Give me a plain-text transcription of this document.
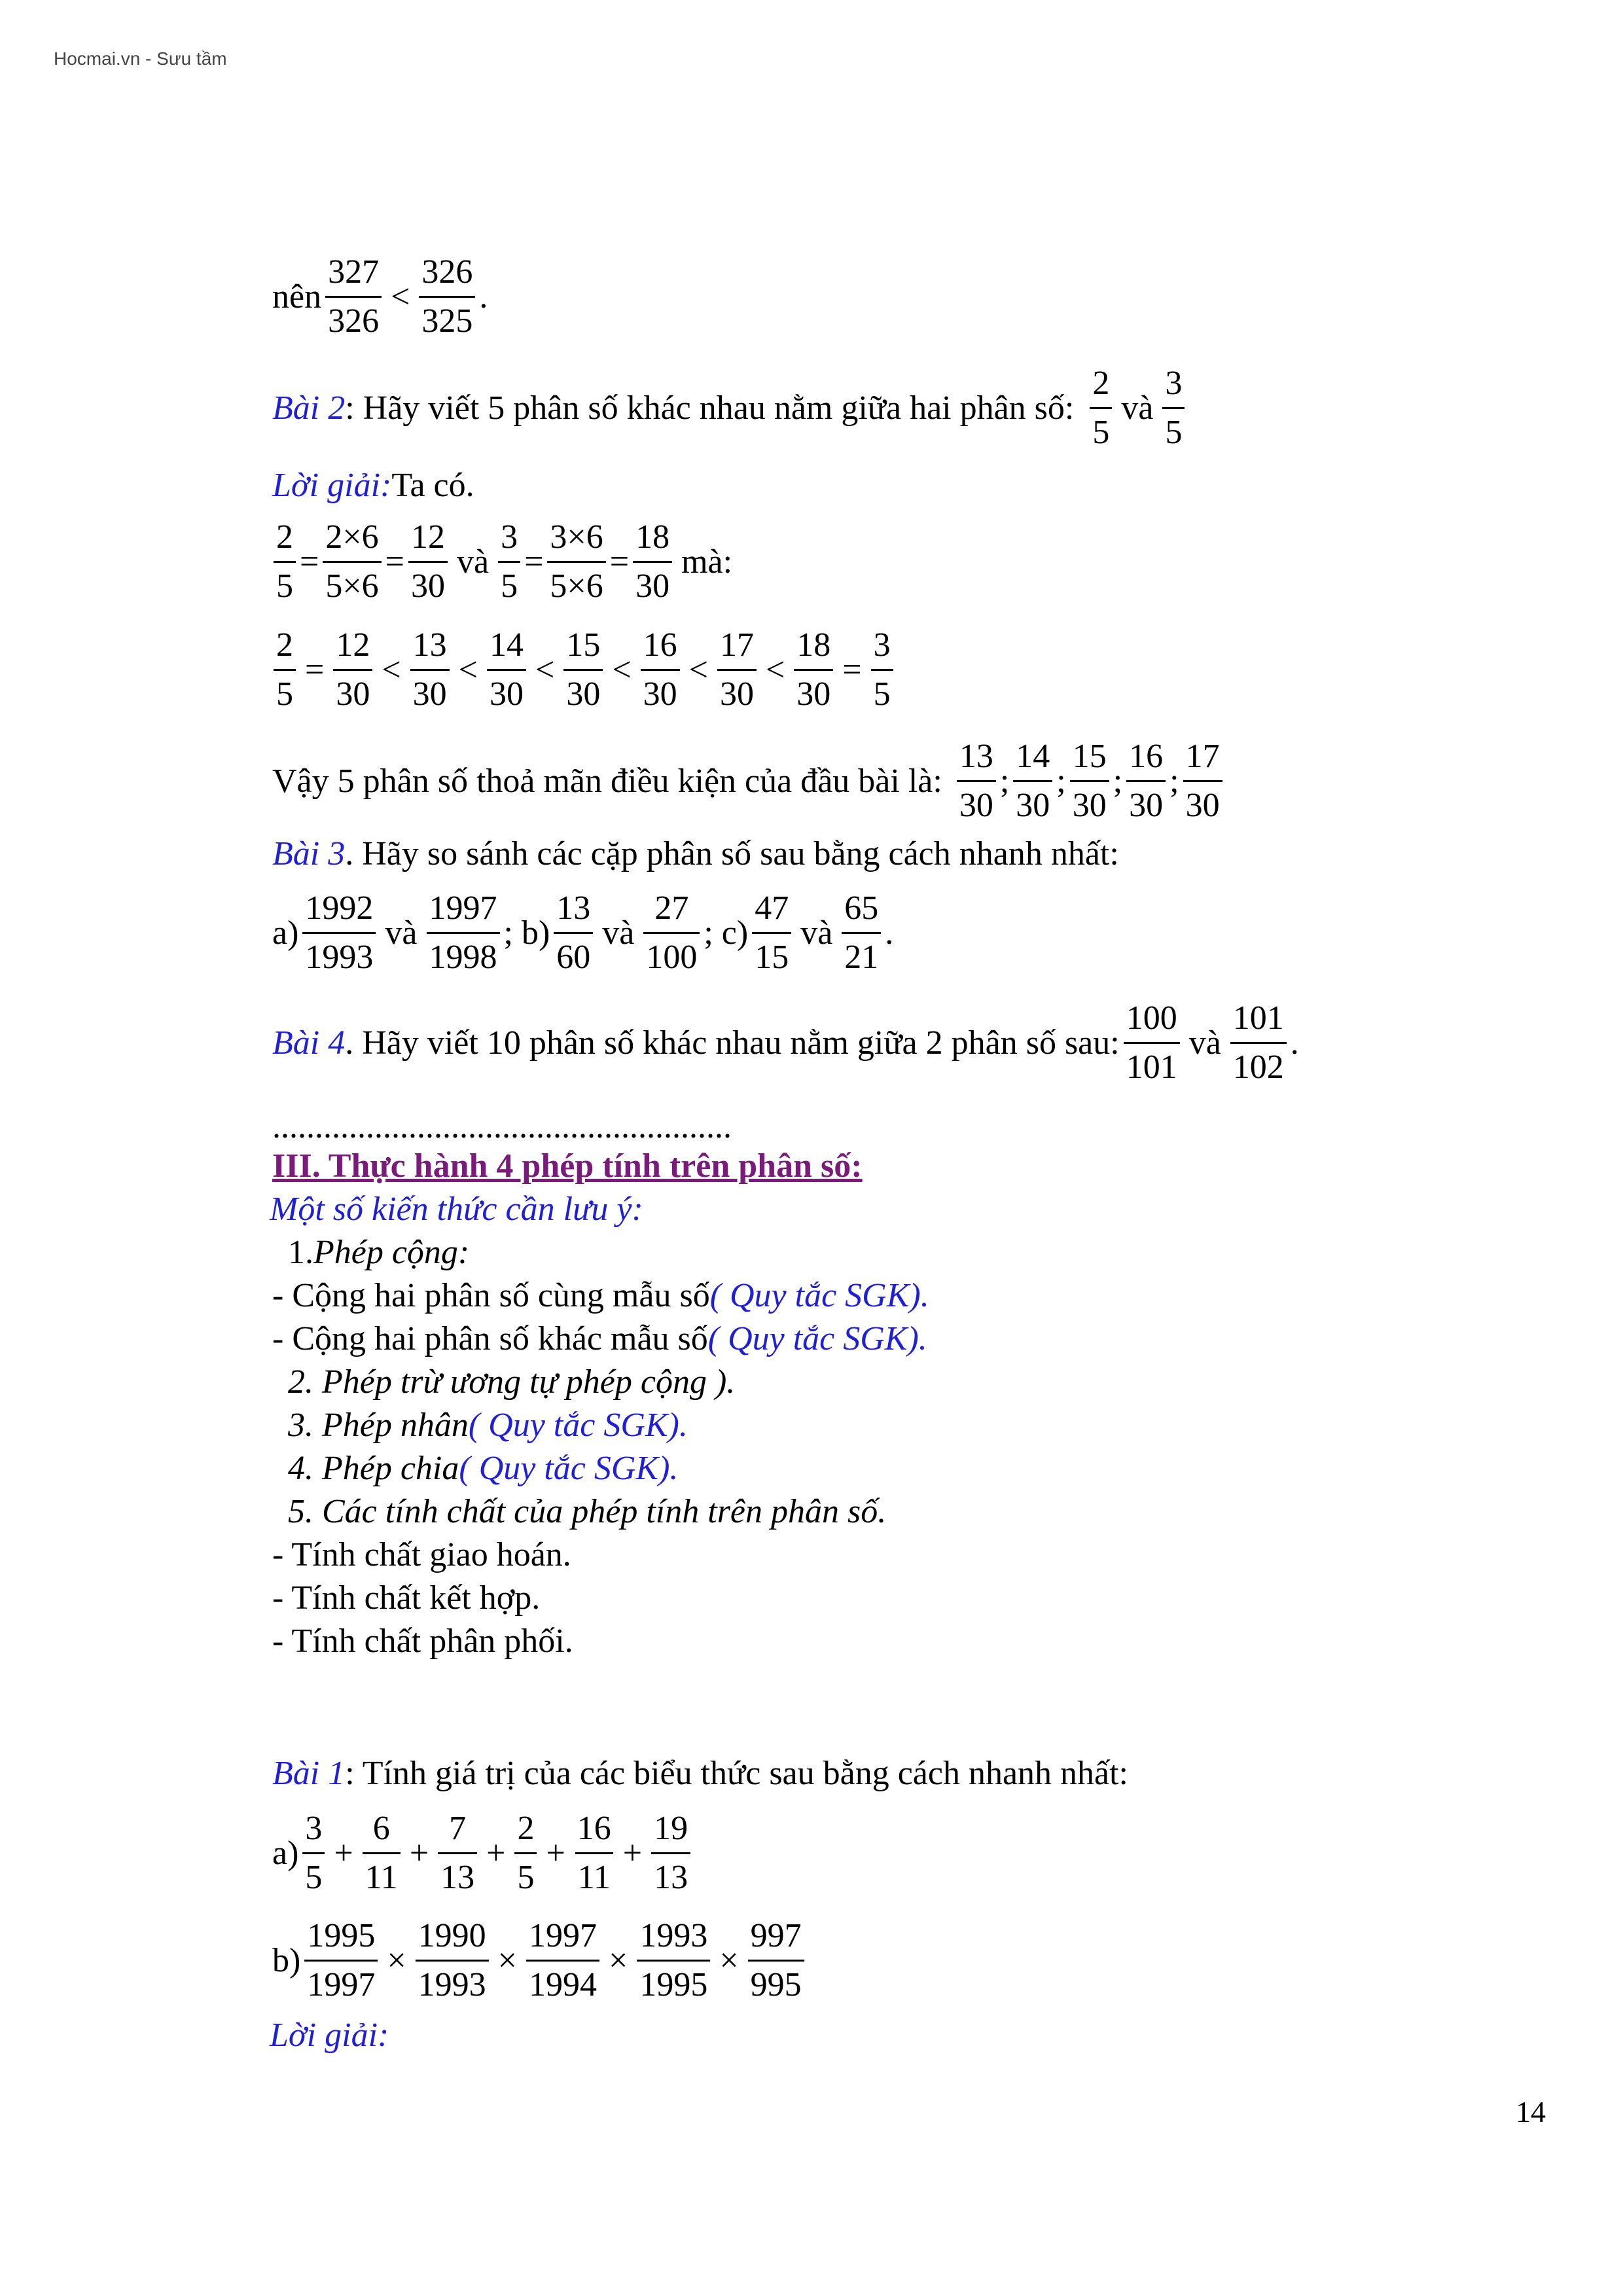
Hocmai.vn - Sưu tầm
nên $\frac{327}{326} < \frac{326}{325}$ .
Bài 2 : Hãy viết 5 phân số khác nhau nằm giữa hai phân số: $\frac{2}{5}$ và $\frac{3}{5}$
Lời giải: Ta có.
$\frac{2}{5} = \frac{2\times 6}{5\times 6} = \frac{12}{30}$ và $\frac{3}{5} = \frac{3\times 6}{5\times 6} = \frac{18}{30}$ mà:
$\frac{2}{5} = \frac{12}{30} < \frac{13}{30} < \frac{14}{30} < \frac{15}{30} < \frac{16}{30} < \frac{17}{30} < \frac{18}{30} = \frac{3}{5}$
Vậy 5 phân số thoả mãn điều kiện của đầu bài là: $\frac{13}{30}$ ; $\frac{14}{30}$ ; $\frac{15}{30}$ ; $\frac{16}{30}$ ; $\frac{17}{30}$
Bài 3 . Hãy so sánh các cặp phân số sau bằng cách nhanh nhất:
$a) \frac{1992}{1993}$ và $\frac{1997}{1998}$ ; $b) \frac{13}{60}$ và $\frac{27}{100}$ ; $c) \frac{47}{15}$ và $\frac{65}{21}$ .
Bài 4 . Hãy viết 10 phân số khác nhau nằm giữa 2 phân số sau: $\frac{100}{101}$ và $\frac{101}{102}$ .
......................................................
III. Thực hành 4 phép tính trên phân số:
Một số kiến thức cần lưu ý:
1. Phép cộng:
- Cộng hai phân số cùng mẫu số ( Quy tắc SGK).
- Cộng hai phân số khác mẫu số ( Quy tắc SGK).
2. Phép trừ ương tự phép cộng ).
3. Phép nhân ( Quy tắc SGK).
4. Phép chia ( Quy tắc SGK).
5. Các tính chất của phép tính trên phân số.
- Tính chất giao hoán.
- Tính chất kết hợp.
- Tính chất phân phối.
Bài 1 : Tính giá trị của các biểu thức sau bằng cách nhanh nhất:
$a) \frac{3}{5} + \frac{6}{11} + \frac{7}{13} + \frac{2}{5} + \frac{16}{11} + \frac{19}{13}$
$b) \frac{1995}{1997} \times \frac{1990}{1993} \times \frac{1997}{1994} \times \frac{1993}{1995} \times \frac{997}{995}$
Lời giải:
14
